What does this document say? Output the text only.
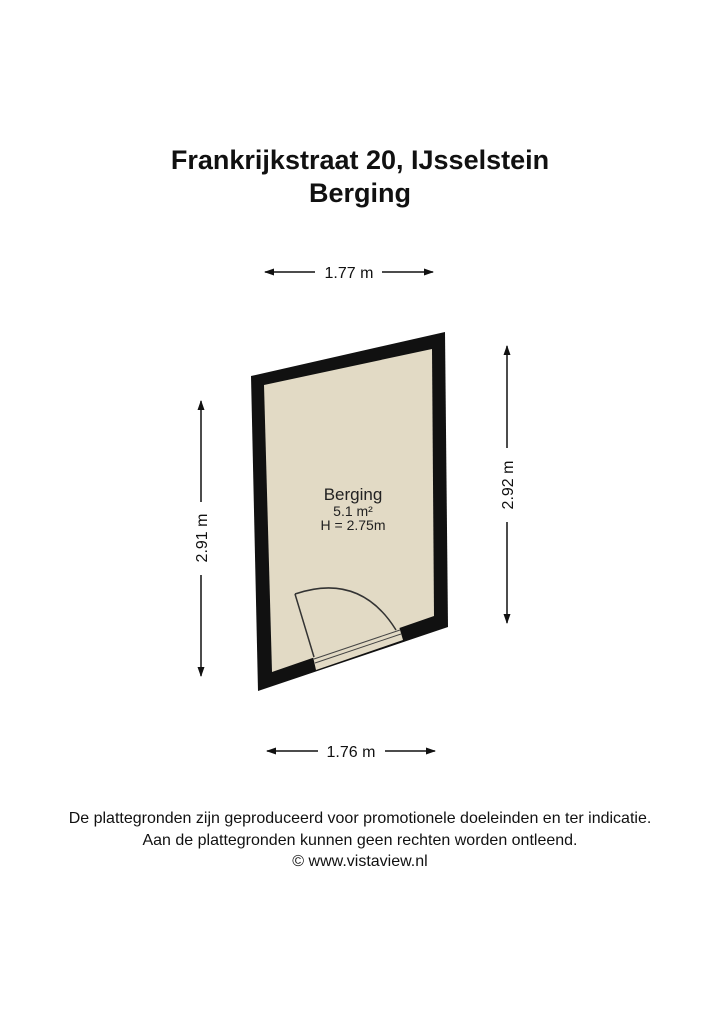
Frankrijkstraat 20, IJsselstein
Berging
Berging
5.1 m²
H = 2.75m
1.77 m
1.76 m
2.91 m
2.92 m
De plattegronden zijn geproduceerd voor promotionele doeleinden en ter indicatie.
Aan de plattegronden kunnen geen rechten worden ontleend.
© www.vistaview.nl
